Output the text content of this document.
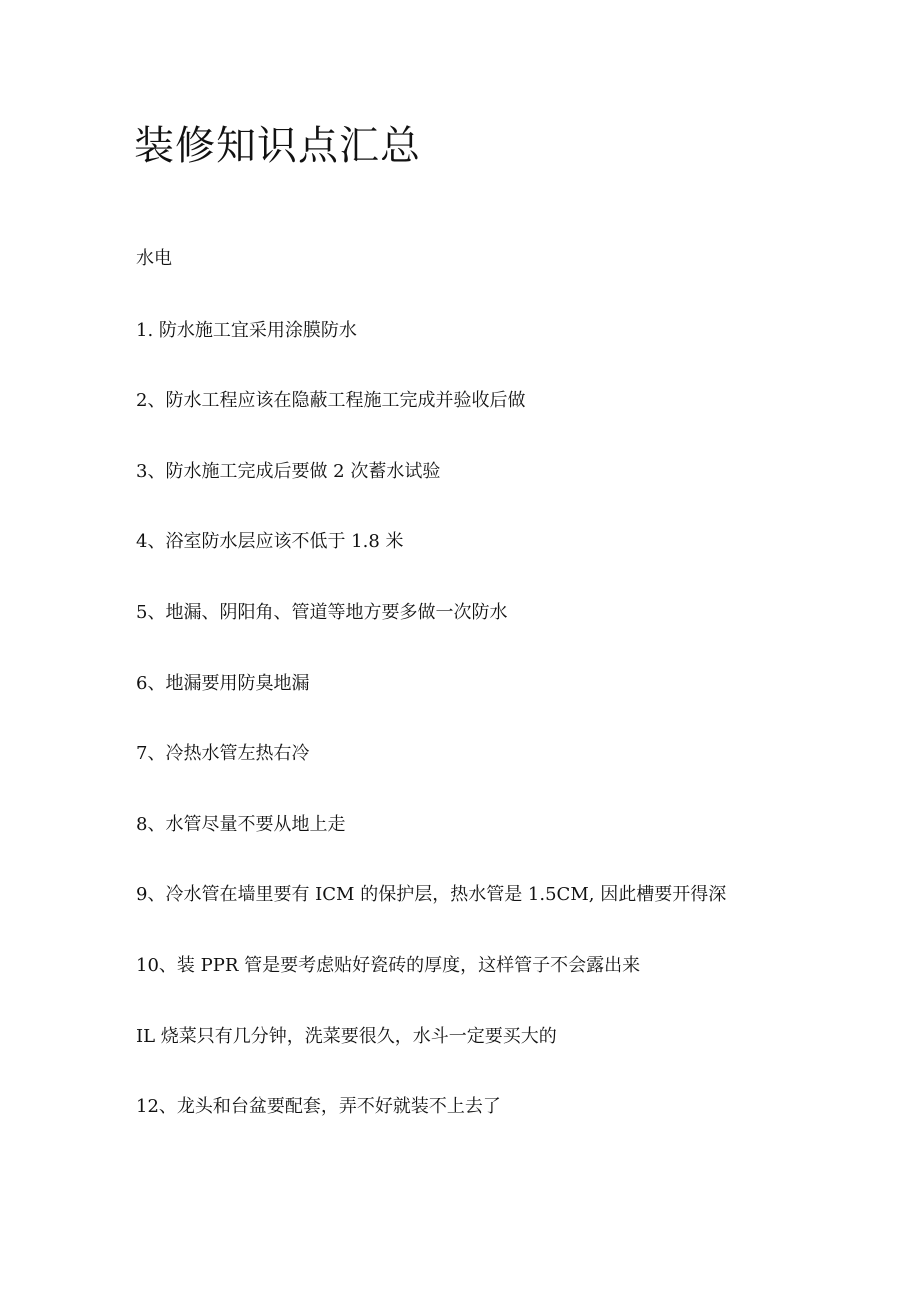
装修知识点汇总
水电
1. 防水施工宜采用涂膜防水
2、防水工程应该在隐蔽工程施工完成并验收后做
3、防水施工完成后要做 2 次蓄水试验
4、浴室防水层应该不低于 1.8 米
5、地漏、阴阳角、管道等地方要多做一次防水
6、地漏要用防臭地漏
7、冷热水管左热右冷
8、水管尽量不要从地上走
9、冷水管在墙里要有 ICM 的保护层，热水管是 1.5CM, 因此槽要开得深
10、装 PPR 管是要考虑贴好瓷砖的厚度，这样管子不会露出来
IL 烧菜只有几分钟，洗菜要很久，水斗一定要买大的
12、龙头和台盆要配套，弄不好就装不上去了
